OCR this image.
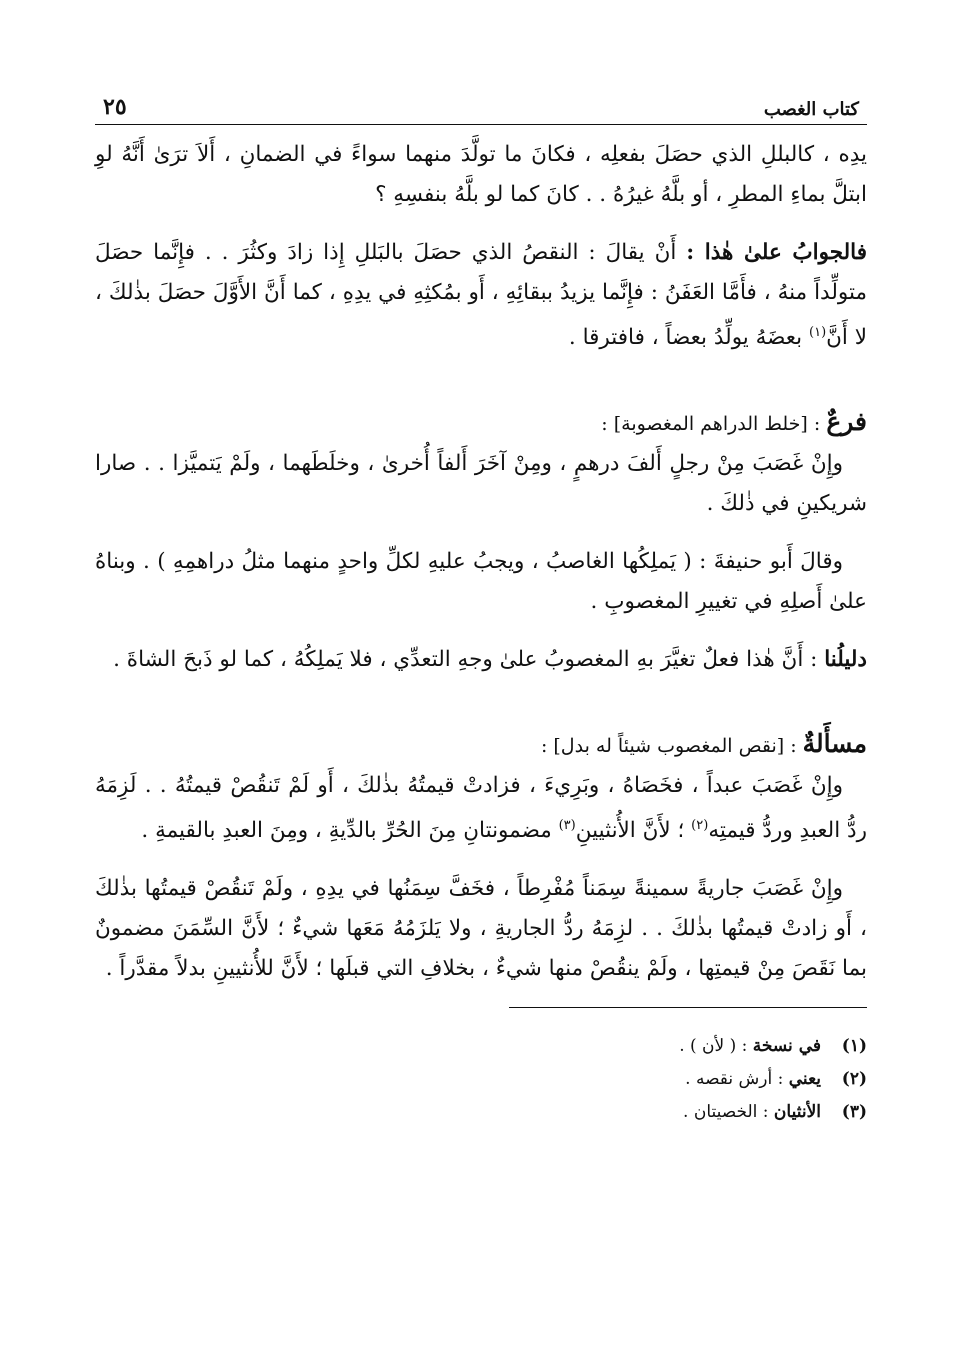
كتاب الغصب
٢٥

يدِه ، كالبللِ الذي حصَلَ بفعلِه ، فكانَ ما تولَّدَ منهما سواءً في الضمانِ ، أَلاَ ترَىٰ أَنَّهُ لوِ ابتلَّ بماءِ المطرِ ، أو بلَّهُ غيرُهُ . . كانَ كما لو بلَّهُ بنفسِهِ ؟

فالجوابُ علىٰ هٰذا : أَنْ يقالَ : النقصُ الذي حصَلَ بالبَللِ إِذا زادَ وكثُرَ . . فإِنَّما حصَلَ متولِّداً منهُ ، فأَمَّا العَفَنُ : فإِنَّما يزيدُ ببقائِهِ ، أَو بمُكثِهِ في يدِهِ ، كما أَنَّ الأَوَّلَ حصَلَ بذٰلكَ ، لا أَنَّ$^{(١)}$ بعضَهُ يولِّدُ بعضاً ، فافترقا .

فرعٌ : [خلط الدراهم المغصوبة] :

وإِنْ غَصَبَ مِنْ رجلٍ أَلفَ درهمٍ ، ومِنْ آخَرَ أَلفاً أُخرىٰ ، وخلَطَهما ، ولَمْ يَتميَّزا . . صارا شريكينِ في ذٰلكَ .

وقالَ أَبو حنيفةَ : ( يَملِكُها الغاصبُ ، ويجبُ عليهِ لكلِّ واحدٍ منهما مثلُ دراهمِهِ ) . وبناهُ علىٰ أَصلِهِ في تغييرِ المغصوبِ .

دليلُنا : أَنَّ هٰذا فعلٌ تغيَّرَ بهِ المغصوبُ علىٰ وجهِ التعدِّي ، فلا يَملِكُهُ ، كما لو ذَبحَ الشاةَ .

مسأَلةٌ : [نقص المغصوب شيئاً له بدل] :

وإِنْ غَصَبَ عبداً ، فخَصَاهُ ، وبَرِيءَ ، فزادتْ قيمتُهُ بذٰلكَ ، أَو لَمْ تَنقُصْ قيمتُهُ . . لَزِمَهُ ردُّ العبدِ وردُّ قيمتِه$^{(٢)}$ ؛ لأَنَّ الأُنثيينِ$^{(٣)}$ مضمونتانِ مِنَ الحُرِّ بالدِّيةِ ، ومِنَ العبدِ بالقيمةِ .

وإِنْ غَصَبَ جاريةً سمينةً سِمَناً مُفْرِطاً ، فخَفَّ سِمَنُها في يدِهِ ، ولَمْ تَنقُصْ قيمتُها بذٰلكَ ، أَو زادتْ قيمتُها بذٰلكَ . . لزِمَهُ ردُّ الجاريةِ ، ولا يَلزَمُهُ مَعَها شيءٌ ؛ لأَنَّ السِّمَنَ مضمونٌ بما نَقَصَ مِنْ قيمتِها ، ولَمْ ينقُصْ منها شيءٌ ، بخلافِ التي قبلَها ؛ لأَنَّ للأُنثيينِ بدلاً مقدَّراً .

(١)
في نسخة : ( لأن ) .
(٢)
يعني : أرش نقصه .
(٣)
الأنثيان : الخصيتان .
